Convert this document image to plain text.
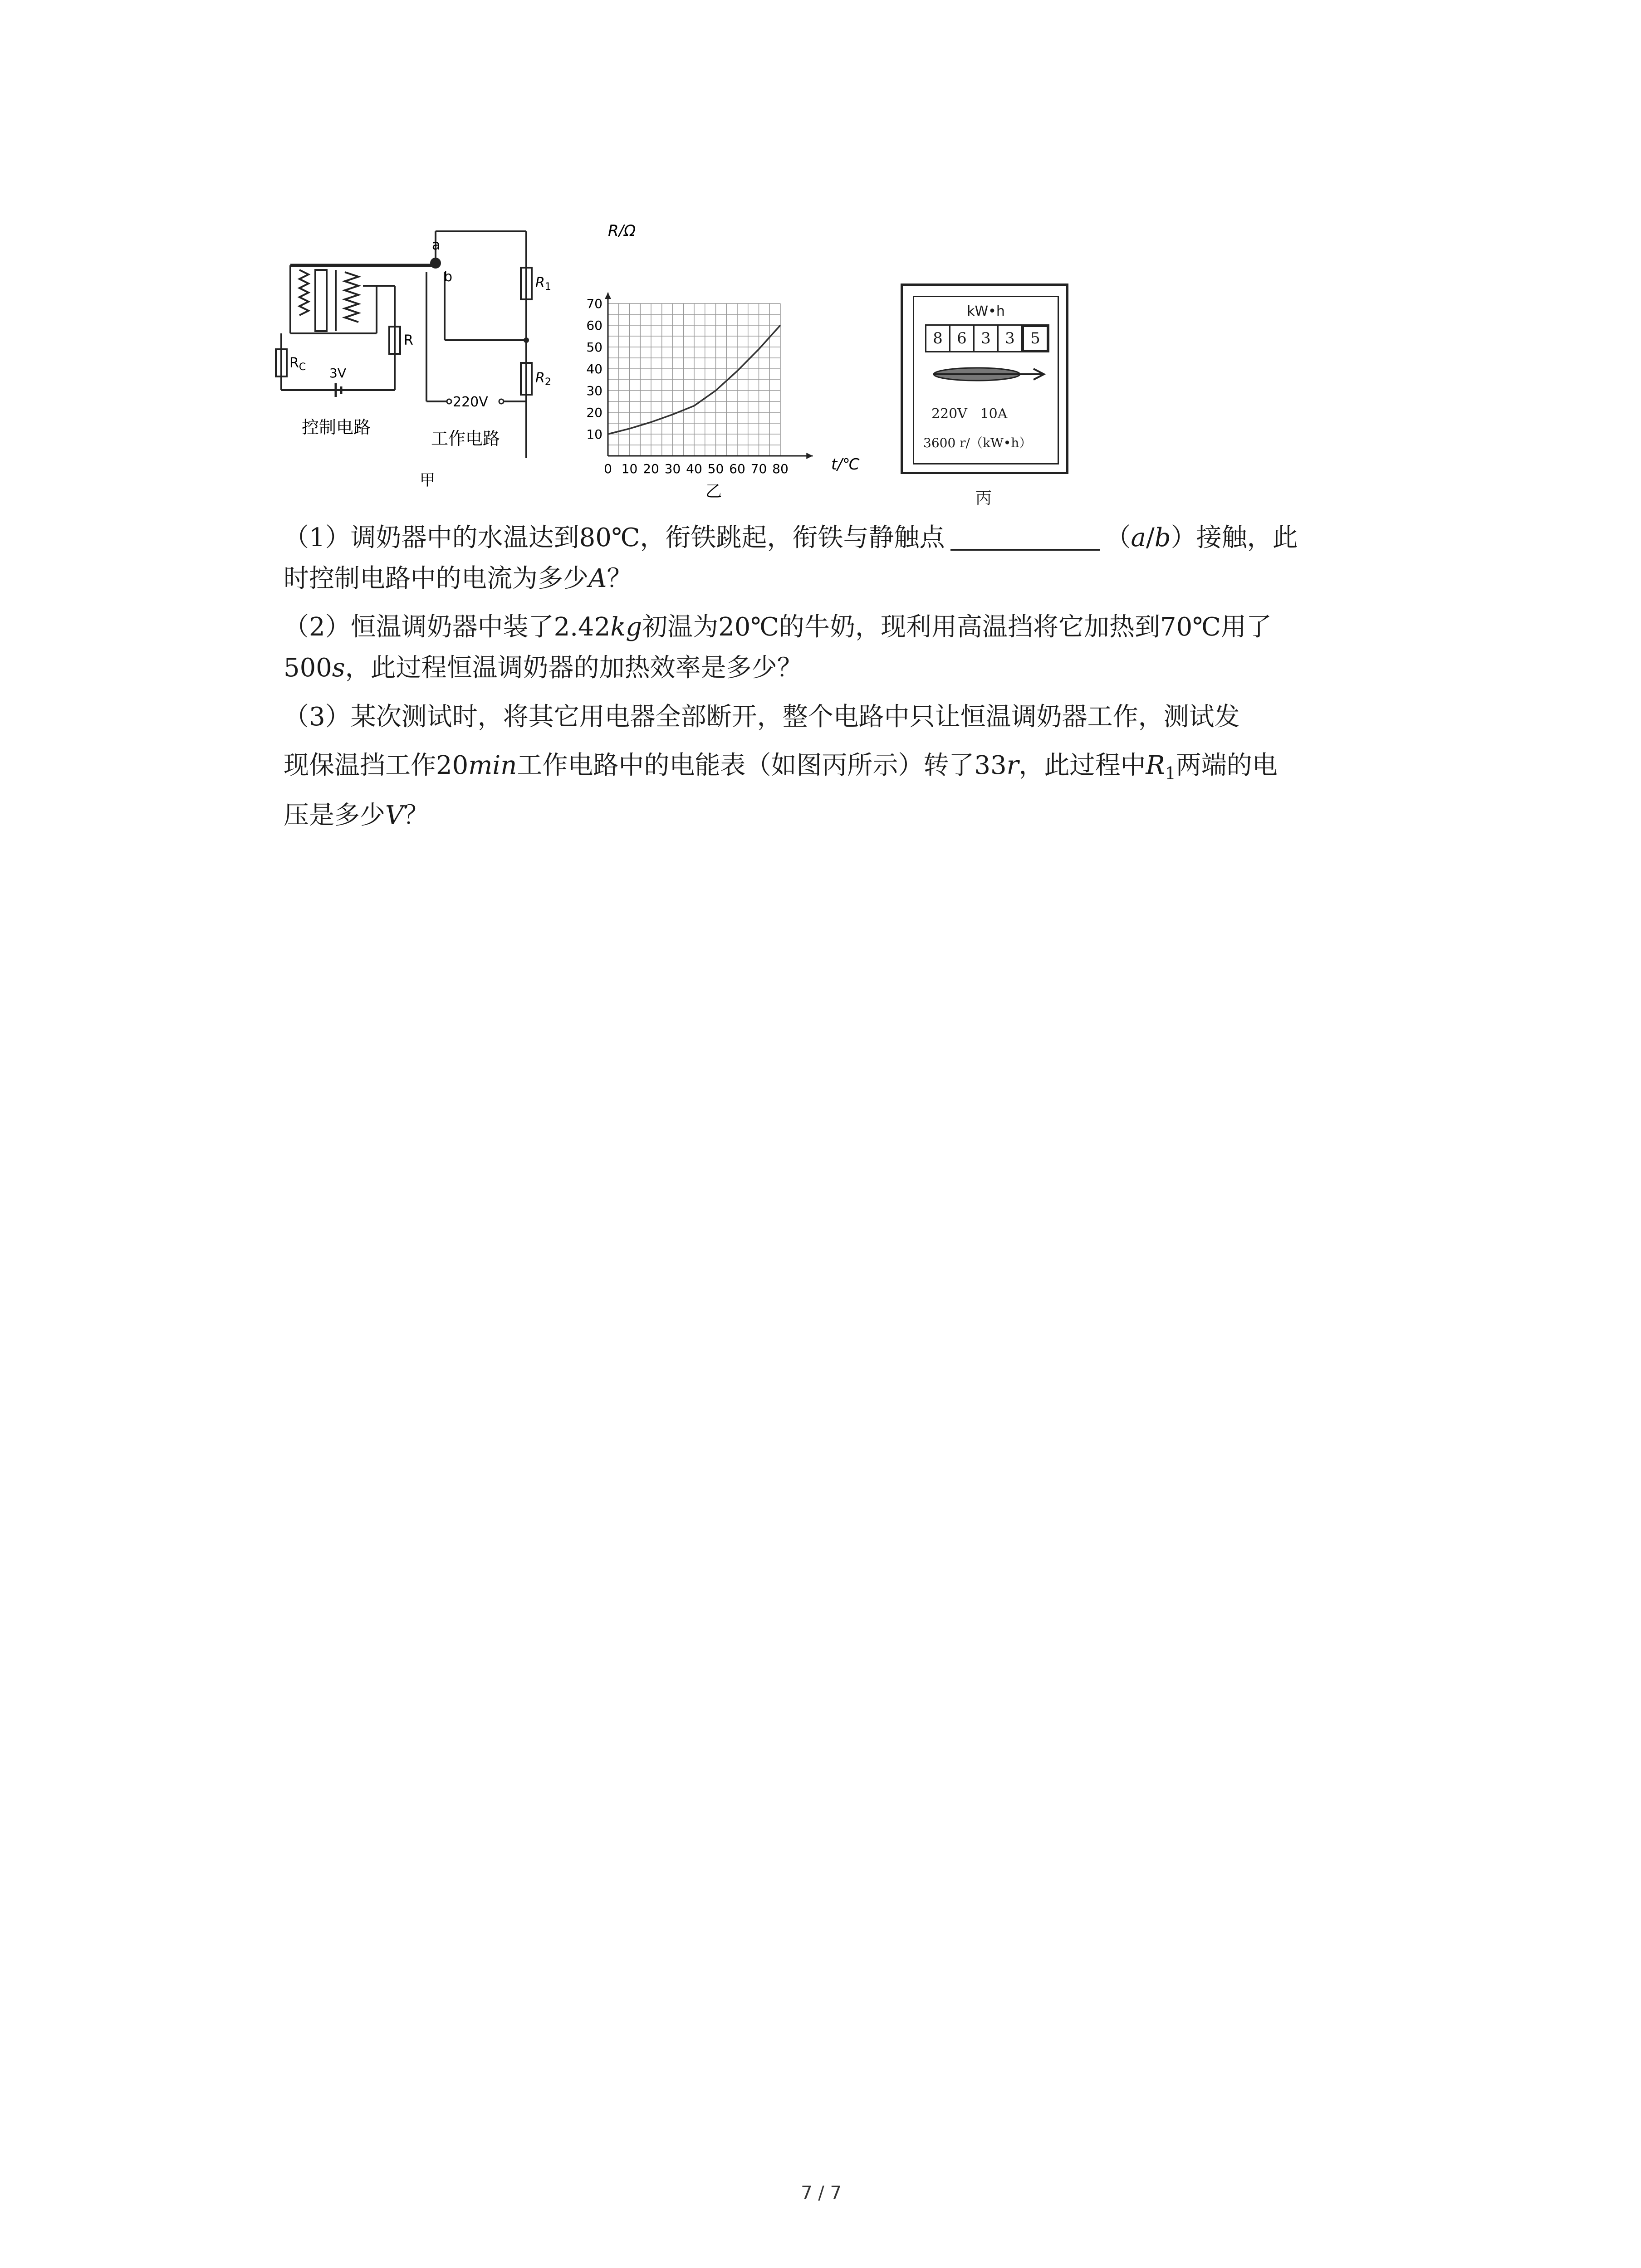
a
b
$R_C$
R
3V
$R_1$
$R_2$
220V
控制电路
工作电路
甲
0 10 20 30 40 50 60 70 80
10
20
30
40
50
60
70
R/Ω
t/℃
乙
kW•h
8 6 3 3	5
220V   10A
3600 r/（kW•h）
丙
（1）调奶器中的水温达到80℃，衔铁跳起，衔铁与静触点	（a/b）接触，此
时控制电路中的电流为多少A？
（2）恒温调奶器中装了2.42kg初温为20℃的牛奶，现利用高温挡将它加热到70℃用了
500s，此过程恒温调奶器的加热效率是多少？
（3）某次测试时，将其它用电器全部断开，整个电路中只让恒温调奶器工作，测试发
现保温挡工作20min工作电路中的电能表（如图丙所示）转了33r，此过程中$R_1$两端的电
压是多少V？
7 / 7
